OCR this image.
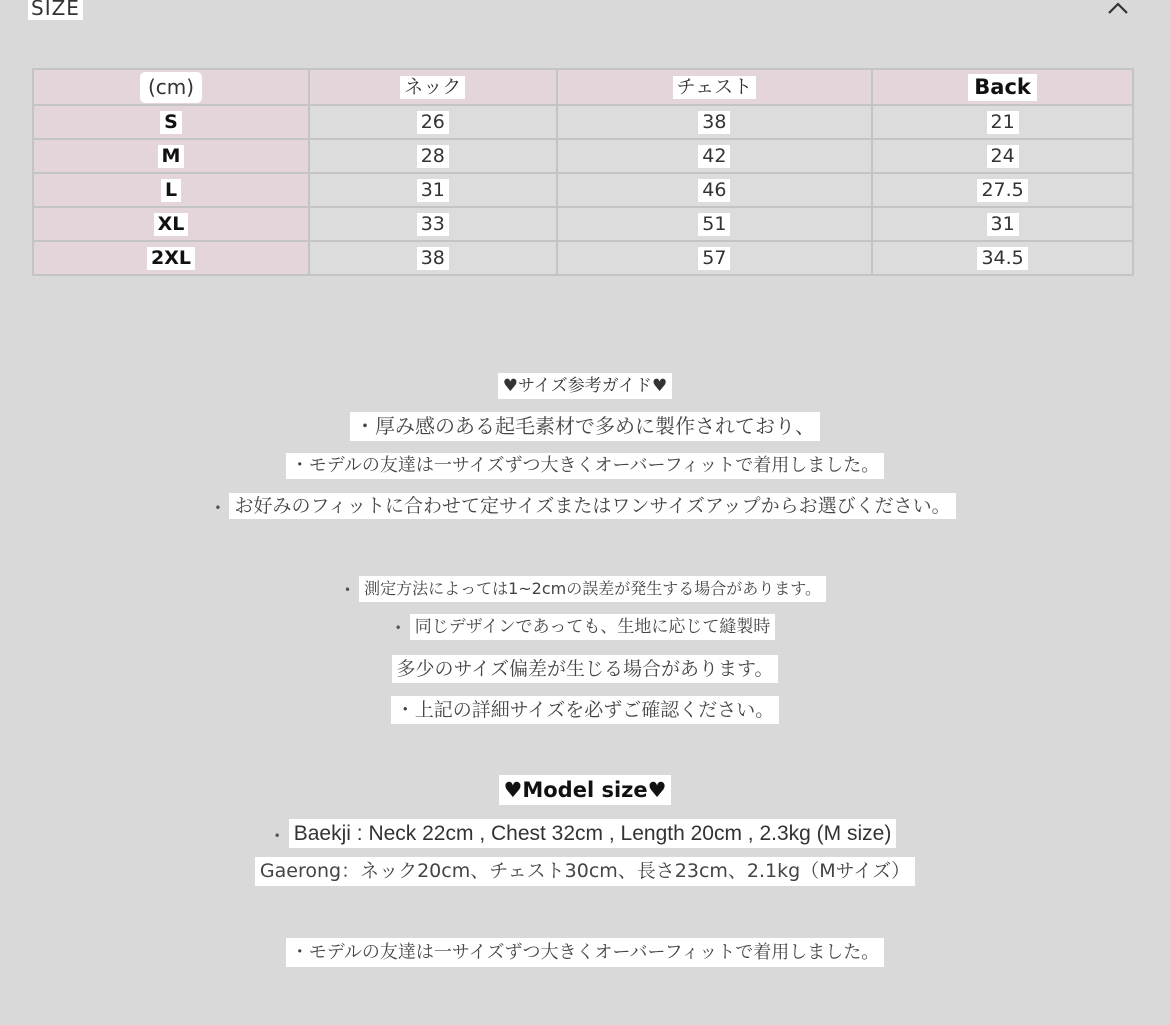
SIZE
(cm)	ネック	チェスト	Back
S	26	38	21
M	28	42	24
L	31	46	27.5
XL	33	51	31
2XL	38	57	34.5
♥サイズ参考ガイド♥
・厚み感のある起毛素材で多めに製作されており、
・モデルの友達は一サイズずつ大きくオーバーフィットで着用しました。
• お好みのフィットに合わせて定サイズまたはワンサイズアップからお選びください。
• 測定方法によっては1~2cmの誤差が発生する場合があります。
• 同じデザインであっても、生地に応じて縫製時
多少のサイズ偏差が生じる場合があります。
・上記の詳細サイズを必ずご確認ください。
♥Model size♥
• Baekji : Neck 22cm , Chest 32cm , Length 20cm , 2.3kg (M size)
Gaerong：ネック20cm、チェスト30cm、長さ23cm、2.1kg（Mサイズ）
・モデルの友達は一サイズずつ大きくオーバーフィットで着用しました。
